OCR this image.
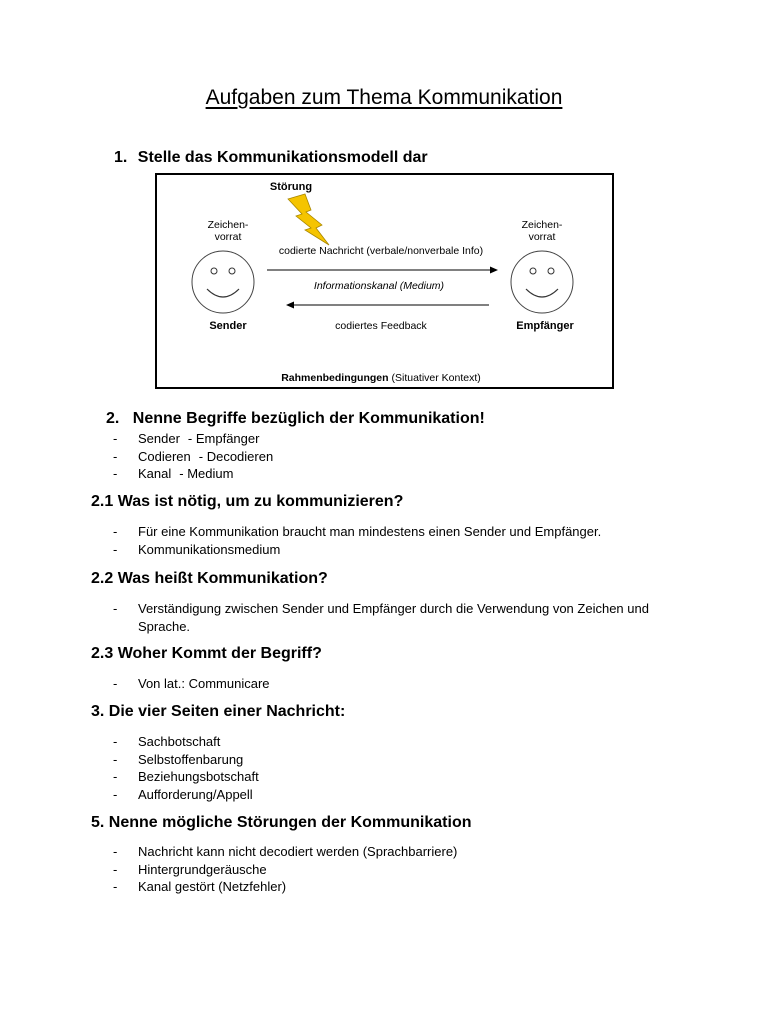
Aufgaben zum Thema Kommunikation
1. Stelle das Kommunikationsmodell dar
Störung
Zeichen-
vorrat
Zeichen-
vorrat
codierte Nachricht (verbale/nonverbale Info)
Informationskanal (Medium)
Sender	Empfänger
codiertes Feedback
Rahmenbedingungen (Situativer Kontext)
2. Nenne Begriffe bezüglich der Kommunikation!
- Sender - Empfänger
- Codieren - Decodieren
- Kanal - Medium
2.1 Was ist nötig, um zu kommunizieren?
- Für eine Kommunikation braucht man mindestens einen Sender und Empfänger.
- Kommunikationsmedium
2.2 Was heißt Kommunikation?
- Verständigung zwischen Sender und Empfänger durch die Verwendung von Zeichen und Sprache.
2.3 Woher Kommt der Begriff?
- Von lat.: Communicare
3. Die vier Seiten einer Nachricht:
- Sachbotschaft
- Selbstoffenbarung
- Beziehungsbotschaft
- Aufforderung/Appell
5. Nenne mögliche Störungen der Kommunikation
- Nachricht kann nicht decodiert werden (Sprachbarriere)
- Hintergrundgeräusche
- Kanal gestört (Netzfehler)
